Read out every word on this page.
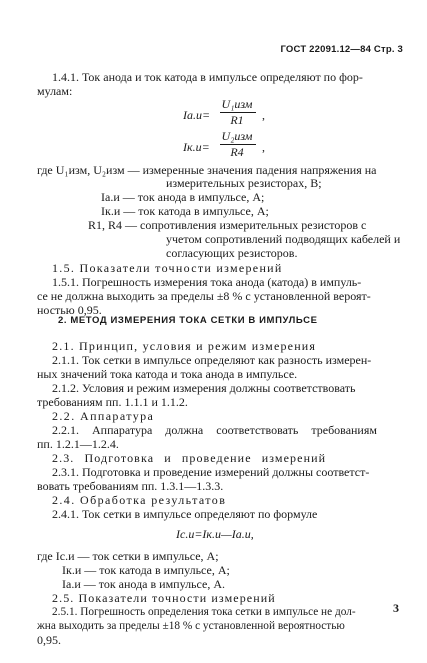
ГОСТ 22091.12—84 Стр. 3
1.4.1. Ток анода и ток катода в импульсе определяют по фор-
мулам:
Iа.и=
U₁изм
R1	,
Iк.и=
U₂изм
R4	,
где U₁изм, U₂изм — измеренные значения падения напряжения на
измерительных резисторах, В;
Iа.и — ток анода в импульсе, А;
Iк.и — ток катода в импульсе, А;
R1, R4 — сопротивления измерительных резисторов с
учетом сопротивлений подводящих кабелей и
согласующих резисторов.
1.5. Показатели точности измерений
1.5.1. Погрешность измерения тока анода (катода) в импуль-
се не должна выходить за пределы ±8 % с установленной вероят-
ностью 0,95.
2. МЕТОД ИЗМЕРЕНИЯ ТОКА СЕТКИ В ИМПУЛЬСЕ
2.1. Принцип, условия и режим измерения
2.1.1. Ток сетки в импульсе определяют как разность измерен-
ных значений тока катода и тока анода в импульсе.
2.1.2. Условия и режим измерения должны соответствовать
требованиям пп. 1.1.1 и 1.1.2.
2.2. Аппаратура
2.2.1. Аппаратура должна соответствовать требованиям
пп. 1.2.1—1.2.4.
2.3. Подготовка и проведение измерений
2.3.1. Подготовка и проведение измерений должны соответст-
вовать требованиям пп. 1.3.1—1.3.3.
2.4. Обработка результатов
2.4.1. Ток сетки в импульсе определяют по формуле
Iс.и=Iк.и—Iа.и,
где Iс.и — ток сетки в импульсе, А;
Iк.и — ток катода в импульсе, А;
Iа.и — ток анода в импульсе, А.
2.5. Показатели точности измерений
2.5.1. Погрешность определения тока сетки в импульсе не дол-
жна выходить за пределы ±18 % с установленной вероятностью
0,95.
3
